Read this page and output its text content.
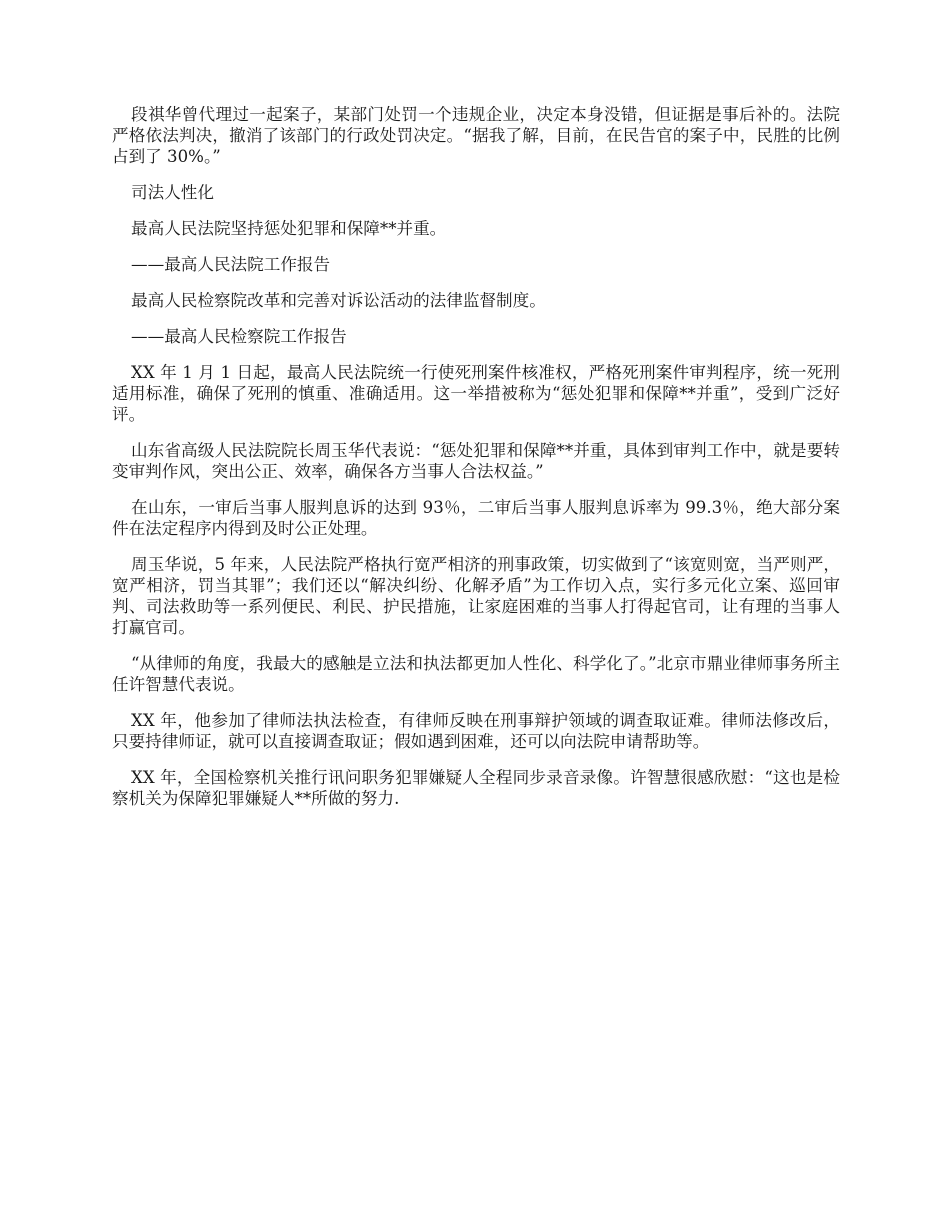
段祺华曾代理过一起案子，某部门处罚一个违规企业，决定本身没错，但证据是事后补的。法院严格依法判决，撤消了该部门的行政处罚决定。“据我了解，目前，在民告官的案子中，民胜的比例占到了 30%。”

司法人性化

最高人民法院坚持惩处犯罪和保障**并重。

——最高人民法院工作报告

最高人民检察院改革和完善对诉讼活动的法律监督制度。

——最高人民检察院工作报告

XX 年 1 月 1 日起，最高人民法院统一行使死刑案件核准权，严格死刑案件审判程序，统一死刑适用标准，确保了死刑的慎重、准确适用。这一举措被称为“惩处犯罪和保障**并重”，受到广泛好评。

山东省高级人民法院院长周玉华代表说：“惩处犯罪和保障**并重，具体到审判工作中，就是要转变审判作风，突出公正、效率，确保各方当事人合法权益。”

在山东，一审后当事人服判息诉的达到 93％，二审后当事人服判息诉率为 99.3％，绝大部分案件在法定程序内得到及时公正处理。

周玉华说，5 年来，人民法院严格执行宽严相济的刑事政策，切实做到了“该宽则宽，当严则严，宽严相济，罚当其罪”；我们还以“解决纠纷、化解矛盾”为工作切入点，实行多元化立案、巡回审判、司法救助等一系列便民、利民、护民措施，让家庭困难的当事人打得起官司，让有理的当事人打赢官司。

“从律师的角度，我最大的感触是立法和执法都更加人性化、科学化了。”北京市鼎业律师事务所主任许智慧代表说。

XX 年，他参加了律师法执法检查，有律师反映在刑事辩护领域的调查取证难。律师法修改后，只要持律师证，就可以直接调查取证；假如遇到困难，还可以向法院申请帮助等。

XX 年，全国检察机关推行讯问职务犯罪嫌疑人全程同步录音录像。许智慧很感欣慰：“这也是检察机关为保障犯罪嫌疑人**所做的努力.
